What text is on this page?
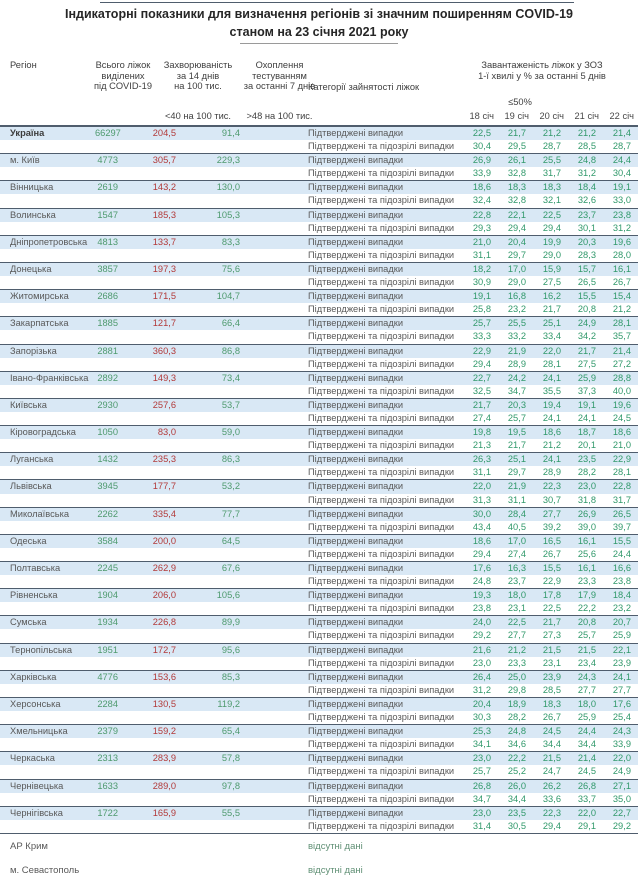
Індикаторні показники для визначення регіонів зі значним поширенням COVID-19
станом на 23 січня 2021 року
Регіон	Всього ліжок
виділених
під COVID-19
Захворюваність
за 14 днів
на 100 тис.
Охоплення
тестуванням
за останні 7 днів
Категорії зайнятості ліжок
Завантаженість ліжок у ЗОЗ
1-ї хвилі у % за останні 5 днів
≤50%
<40 на 100 тис.	>48 на 100 тис.	18 січ	19 січ	20 січ	21 січ	22 січ
Україна	66297	204,5	91,4	Підтверджені випадки	22,5	21,7	21,2	21,2	21,4
Підтверджені та підозрілі випадки	30,4	29,5	28,7	28,5	28,7
м. Київ	4773	305,7	229,3	Підтверджені випадки	26,9	26,1	25,5	24,8	24,4
Підтверджені та підозрілі випадки	33,9	32,8	31,7	31,2	30,4
Вінницька	2619	143,2	130,0	Підтверджені випадки	18,6	18,3	18,3	18,4	19,1
Підтверджені та підозрілі випадки	32,4	32,8	32,1	32,6	33,0
Волинська	1547	185,3	105,3	Підтверджені випадки	22,8	22,1	22,5	23,7	23,8
Підтверджені та підозрілі випадки	29,3	29,4	29,4	30,1	31,2
Дніпропетровська	4813	133,7	83,3	Підтверджені випадки	21,0	20,4	19,9	20,3	19,6
Підтверджені та підозрілі випадки	31,1	29,7	29,0	28,3	28,0
Донецька	3857	197,3	75,6	Підтверджені випадки	18,2	17,0	15,9	15,7	16,1
Підтверджені та підозрілі випадки	30,9	29,0	27,5	26,5	26,7
Житомирська	2686	171,5	104,7	Підтверджені випадки	19,1	16,8	16,2	15,5	15,4
Підтверджені та підозрілі випадки	25,8	23,2	21,7	20,8	21,2
Закарпатська	1885	121,7	66,4	Підтверджені випадки	25,7	25,5	25,1	24,9	28,1
Підтверджені та підозрілі випадки	33,3	33,2	33,4	34,2	35,7
Запорізька	2881	360,3	86,8	Підтверджені випадки	22,9	21,9	22,0	21,7	21,4
Підтверджені та підозрілі випадки	29,4	28,9	28,1	27,5	27,2
Івано-Франківська 2892	149,3	73,4	Підтверджені випадки	22,7	24,2	24,1	25,9	28,8
Підтверджені та підозрілі випадки	32,5	34,7	35,5	37,3	40,0
Київська	2930	257,6	53,7	Підтверджені випадки	21,7	20,3	19,4	19,1	19,6
Підтверджені та підозрілі випадки	27,4	25,7	24,1	24,1	24,5
Кіровоградська	1050	83,0	59,0	Підтверджені випадки	19,8	19,5	18,6	18,7	18,6
Підтверджені та підозрілі випадки	21,3	21,7	21,2	20,1	21,0
Луганська	1432	235,3	86,3	Підтверджені випадки	26,3	25,1	24,1	23,5	22,9
Підтверджені та підозрілі випадки	31,1	29,7	28,9	28,2	28,1
Львівська	3945	177,7	53,2	Підтверджені випадки	22,0	21,9	22,3	23,0	22,8
Підтверджені та підозрілі випадки	31,3	31,1	30,7	31,8	31,7
Миколаївська	2262	335,4	77,7	Підтверджені випадки	30,0	28,4	27,7	26,9	26,5
Підтверджені та підозрілі випадки	43,4	40,5	39,2	39,0	39,7
Одеська	3584	200,0	64,5	Підтверджені випадки	18,6	17,0	16,5	16,1	15,5
Підтверджені та підозрілі випадки	29,4	27,4	26,7	25,6	24,4
Полтавська	2245	262,9	67,6	Підтверджені випадки	17,6	16,3	15,5	16,1	16,6
Підтверджені та підозрілі випадки	24,8	23,7	22,9	23,3	23,8
Рівненська	1904	206,0	105,6	Підтверджені випадки	19,3	18,0	17,8	17,9	18,4
Підтверджені та підозрілі випадки	23,8	23,1	22,5	22,2	23,2
Сумська	1934	226,8	89,9	Підтверджені випадки	24,0	22,5	21,7	20,8	20,7
Підтверджені та підозрілі випадки	29,2	27,7	27,3	25,7	25,9
Тернопільська	1951	172,7	95,6	Підтверджені випадки	21,6	21,2	21,5	21,5	22,1
Підтверджені та підозрілі випадки	23,0	23,3	23,1	23,4	23,9
Харківська	4776	153,6	85,3	Підтверджені випадки	26,4	25,0	23,9	24,3	24,1
Підтверджені та підозрілі випадки	31,2	29,8	28,5	27,7	27,7
Херсонська	2284	130,5	119,2	Підтверджені випадки	20,4	18,9	18,3	18,0	17,6
Підтверджені та підозрілі випадки	30,3	28,2	26,7	25,9	25,4
Хмельницька	2379	159,2	65,4	Підтверджені випадки	25,3	24,8	24,5	24,4	24,3
Підтверджені та підозрілі випадки	34,1	34,6	34,4	34,4	33,9
Черкаська	2313	283,9	57,8	Підтверджені випадки	23,0	22,2	21,5	21,4	22,0
Підтверджені та підозрілі випадки	25,7	25,2	24,7	24,5	24,9
Чернівецька	1633	289,0	97,8	Підтверджені випадки	26,8	26,0	26,2	26,8	27,1
Підтверджені та підозрілі випадки	34,7	34,4	33,6	33,7	35,0
Чернігівська	1722	165,9	55,5	Підтверджені випадки	23,0	23,5	22,3	22,0	22,7
Підтверджені та підозрілі випадки	31,4	30,5	29,4	29,1	29,2
АР Крим	відсутні дані
м. Севастополь	відсутні дані
